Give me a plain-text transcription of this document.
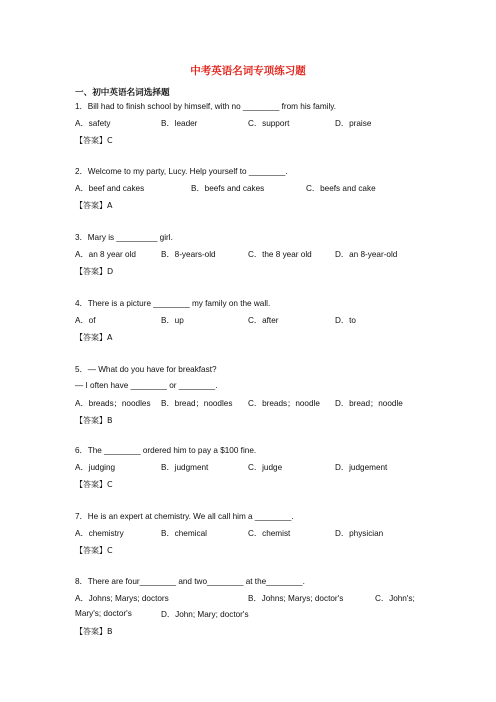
中考英语名词专项练习题
一、初中英语名词选择题
1．Bill had to finish school by himself, with no ________ from his family.
A．safety	B．leader	C．support	D．praise
【答案】C
2．Welcome to my party, Lucy. Help yourself to ________.
A．beef and cakes	B．beefs and cakes	C．beefs and cake
【答案】A
3．Mary is _________ girl.
A．an 8 year old	B．8-years-old	C．the 8 year old	D．an 8-year-old
【答案】D
4．There is a picture ________ my family on the wall.
A．of	B．up	C．after	D．to
【答案】A
5．— What do you have for breakfast?
— I often have ________ or ________.
A．breads；noodles B．bread；noodles C．breads；noodle D．bread；noodle
【答案】B
6．The ________ ordered him to pay a $100 fine.
A．judging	B．judgment	C．judge	D．judgement
【答案】C
7．He is an expert at chemistry. We all call him a ________.
A．chemistry	B．chemical	C．chemist	D．physician
【答案】C
8．There are four________ and two________ at the________.
A．Johns; Marys; doctors	B．Johns; Marys; doctor's	C．John's;
Mary's; doctor's	D．John; Mary; doctor's
【答案】B
